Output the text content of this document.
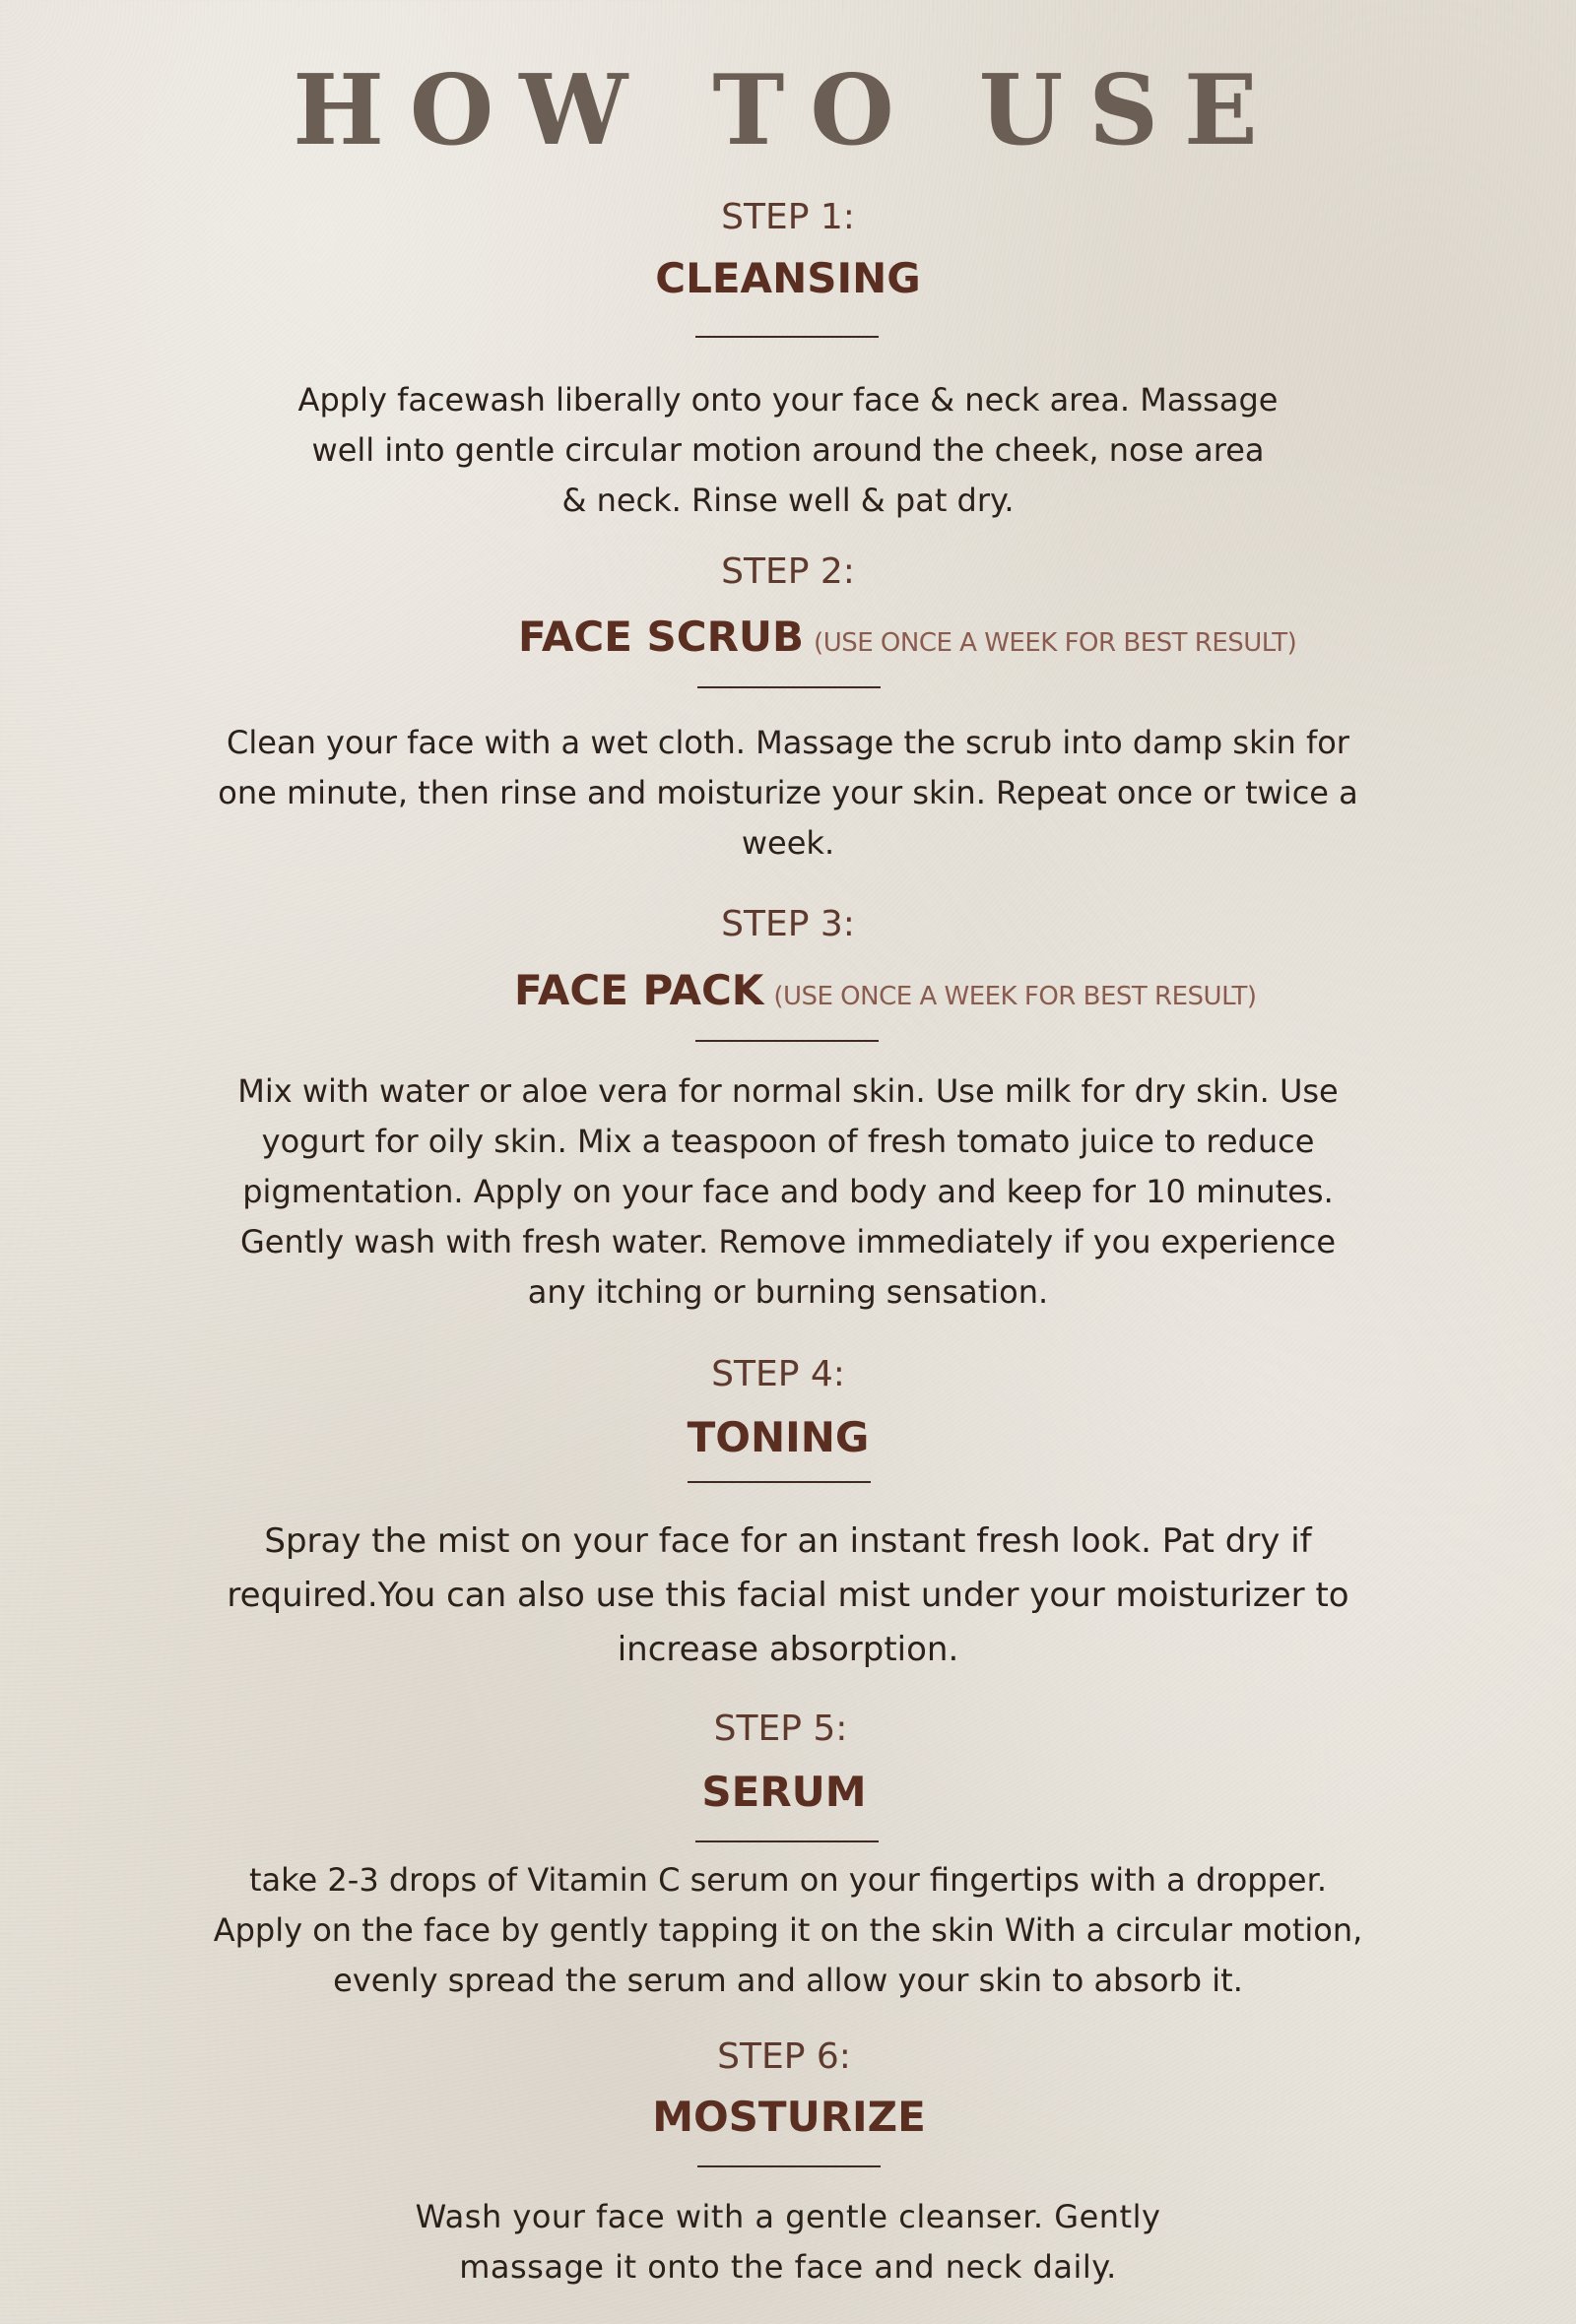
HOW TO USE
STEP 1:
CLEANSING

Apply facewash liberally onto your face & neck area. Massage well into gentle circular motion around the cheek, nose area & neck. Rinse well & pat dry.

STEP 2:
FACE SCRUB (USE ONCE A WEEK FOR BEST RESULT)

Clean your face with a wet cloth. Massage the scrub into damp skin for one minute, then rinse and moisturize your skin. Repeat once or twice a week.

STEP 3:
FACE PACK (USE ONCE A WEEK FOR BEST RESULT)

Mix with water or aloe vera for normal skin. Use milk for dry skin. Use yogurt for oily skin. Mix a teaspoon of fresh tomato juice to reduce pigmentation. Apply on your face and body and keep for 10 minutes. Gently wash with fresh water. Remove immediately if you experience any itching or burning sensation.

STEP 4:
TONING

Spray the mist on your face for an instant fresh look. Pat dry if required.You can also use this facial mist under your moisturizer to increase absorption.

STEP 5:
SERUM

take 2-3 drops of Vitamin C serum on your fingertips with a dropper. Apply on the face by gently tapping it on the skin With a circular motion, evenly spread the serum and allow your skin to absorb it.

STEP 6:
MOSTURIZE

Wash your face with a gentle cleanser. Gently massage it onto the face and neck daily.
